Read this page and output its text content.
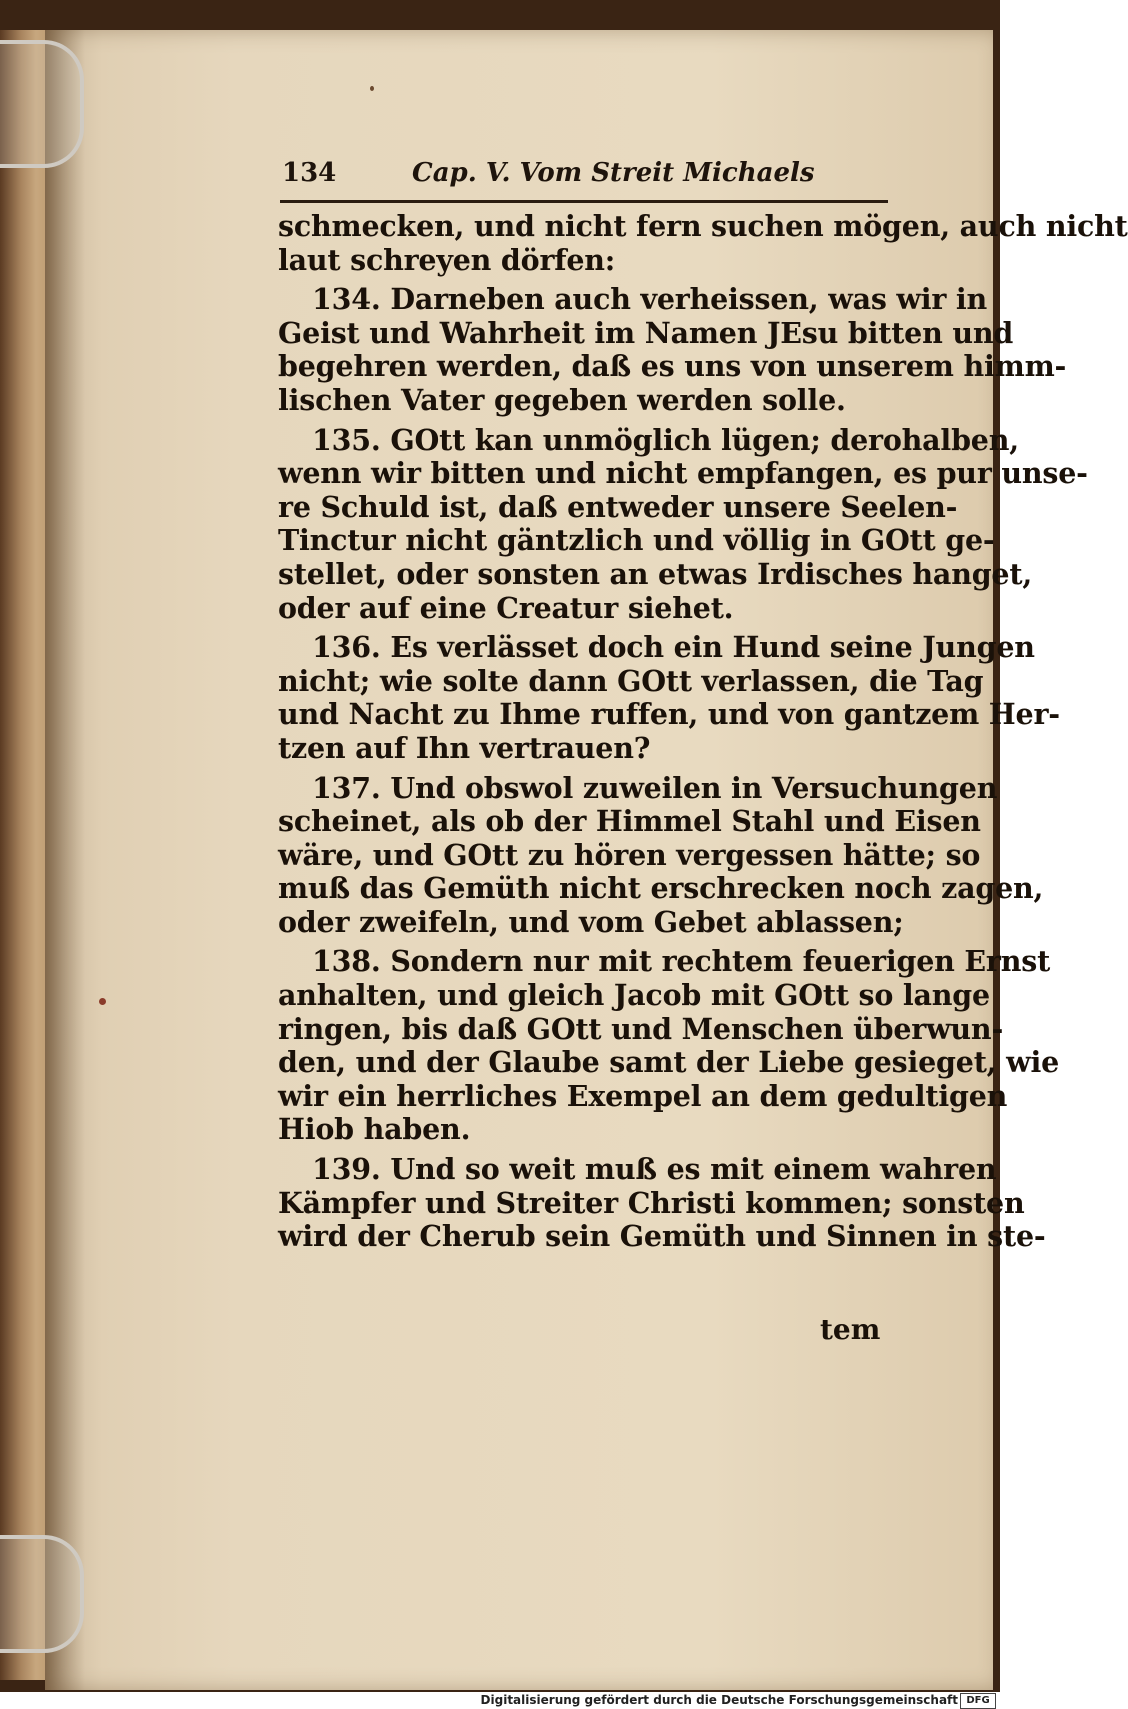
134	Cap. V. Vom Streit Michaels
schmecken, und nicht fern suchen mögen, auch nicht
laut schreyen dörfen:
134. Darneben auch verheissen, was wir in
Geist und Wahrheit im Namen JEsu bitten und
begehren werden, daß es uns von unserem himm-
lischen Vater gegeben werden solle.
135. GOtt kan unmöglich lügen; derohalben,
wenn wir bitten und nicht empfangen, es pur unse-
re Schuld ist, daß entweder unsere Seelen-
Tinctur nicht gäntzlich und völlig in GOtt ge-
stellet, oder sonsten an etwas Irdisches hanget,
oder auf eine Creatur siehet.
136. Es verlässet doch ein Hund seine Jungen
nicht; wie solte dann GOtt verlassen, die Tag
und Nacht zu Ihme ruffen, und von gantzem Her-
tzen auf Ihn vertrauen?
137. Und obswol zuweilen in Versuchungen
scheinet, als ob der Himmel Stahl und Eisen
wäre, und GOtt zu hören vergessen hätte; so
muß das Gemüth nicht erschrecken noch zagen,
oder zweifeln, und vom Gebet ablassen;
138. Sondern nur mit rechtem feuerigen Ernst
anhalten, und gleich Jacob mit GOtt so lange
ringen, bis daß GOtt und Menschen überwun-
den, und der Glaube samt der Liebe gesieget, wie
wir ein herrliches Exempel an dem gedultigen
Hiob haben.
139. Und so weit muß es mit einem wahren
Kämpfer und Streiter Christi kommen; sonsten
wird der Cherub sein Gemüth und Sinnen in ste-
tem
Digitalisierung gefördert durch die Deutsche Forschungsgemeinschaft DFG
